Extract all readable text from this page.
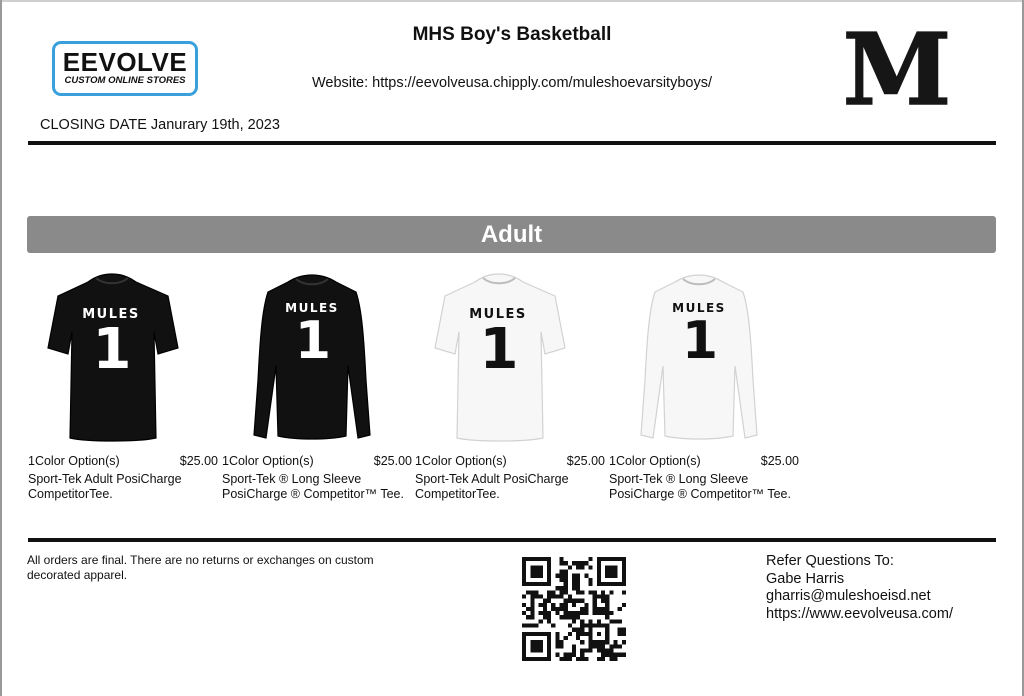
EEVOLVE
CUSTOM ONLINE STORES
MHS Boy's Basketball
Website: https://eevolveusa.chipply.com/muleshoevarsityboys/
CLOSING DATE Janurary 19th, 2023	M
Adult
MULES
1
1Color Option(s)	$25.00
Sport-Tek Adult PosiCharge CompetitorTee.
MULES
1
1Color Option(s)	$25.00
Sport-Tek ® Long Sleeve PosiCharge ® Competitor™ Tee.
MULES
1
1Color Option(s)	$25.00
Sport-Tek Adult PosiCharge CompetitorTee.
MULES
1
1Color Option(s)	$25.00
Sport-Tek ® Long Sleeve PosiCharge ® Competitor™ Tee.
All orders are final. There are no returns or exchanges on custom decorated apparel.
Refer Questions To:
Gabe Harris
gharris@muleshoeisd.net
https://www.eevolveusa.com/
